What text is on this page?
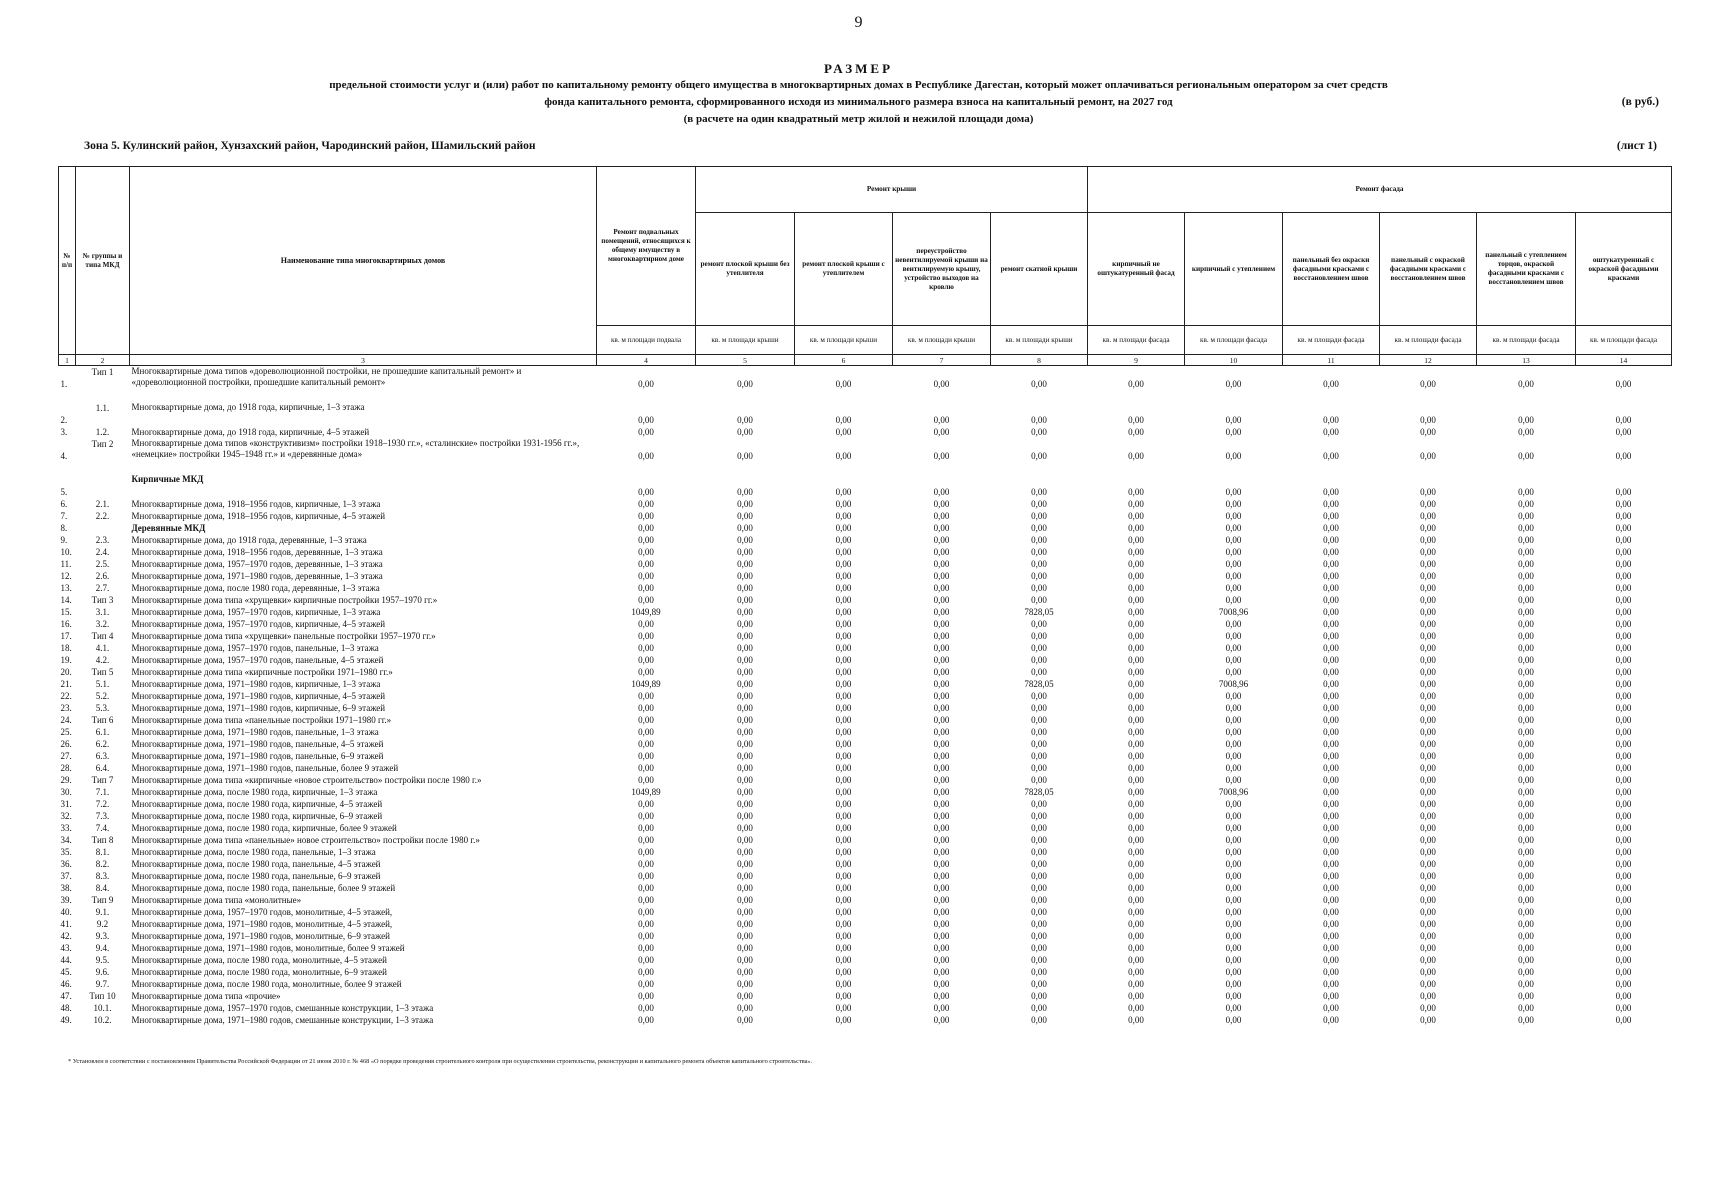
9
РАЗМЕР
предельной стоимости услуг и (или) работ по капитальному ремонту общего имущества в многоквартирных домах в Республике Дагестан, который может оплачиваться региональным оператором за счет средств
фонда капитального ремонта, сформированного исходя из минимального размера взноса на капитальный ремонт, на 2027 год
(в расчете на один квадратный метр жилой и нежилой площади дома)
(в руб.)
Зона 5. Кулинский район, Хунзахский район, Чародинский район, Шамильский район	(лист 1)
№ п/п	№ группы и типа МКД	Наименование типа многоквартирных домов	Ремонт подвальных помещений, относящихся к общему имуществу в многоквартирном доме	Ремонт крыши				Ремонт фасада					
				ремонт плоской крыши без утеплителя	ремонт плоской крыши с утеплителем	переустройство невентилируемой крыши на вентилируемую крышу, устройство выходов на кровлю	ремонт скатной крыши	кирпичный не оштукатуренный фасад	кирпичный с утеплением	панельный без окраски фасадными красками с восстановлением швов	панельный с окраской фасадными красками с восстановлением швов	панельный с утеплением торцов, окраской фасадными красками с восстановлением швов	оштукатуренный с окраской фасадными красками
			кв. м площади подвала	кв. м площади крыши	кв. м площади крыши	кв. м площади крыши	кв. м площади крыши	кв. м площади фасада	кв. м площади фасада	кв. м площади фасада	кв. м площади фасада	кв. м площади фасада	кв. м площади фасада
1	2	3	4	5	6	7	8	9	10	11	12	13	14
1.	Тип 1	Многоквартирные дома типов «дореволюционной постройки, не прошедшие капитальный ремонт» и «дореволюционной постройки, прошедшие капитальный ремонт»	0,00	0,00	0,00	0,00	0,00	0,00	0,00	0,00	0,00	0,00	0,00
2.	1.1.	Многоквартирные дома, до 1918 года, кирпичные, 1–3 этажа	0,00	0,00	0,00	0,00	0,00	0,00	0,00	0,00	0,00	0,00	0,00
3.	1.2.	Многоквартирные дома, до 1918 года, кирпичные, 4–5 этажей	0,00	0,00	0,00	0,00	0,00	0,00	0,00	0,00	0,00	0,00	0,00
4.	Тип 2	Многоквартирные дома типов «конструктивизм» постройки 1918–1930 гг.», «сталинские» постройки 1931-1956 гг.», «немецкие» постройки 1945–1948 гг.» и «деревянные дома»	0,00	0,00	0,00	0,00	0,00	0,00	0,00	0,00	0,00	0,00	0,00
5.		Кирпичные МКД	0,00	0,00	0,00	0,00	0,00	0,00	0,00	0,00	0,00	0,00	0,00
6.	2.1.	Многоквартирные дома, 1918–1956 годов, кирпичные, 1–3 этажа	0,00	0,00	0,00	0,00	0,00	0,00	0,00	0,00	0,00	0,00	0,00
7.	2.2.	Многоквартирные дома, 1918–1956 годов, кирпичные, 4–5 этажей	0,00	0,00	0,00	0,00	0,00	0,00	0,00	0,00	0,00	0,00	0,00
8.		Деревянные МКД	0,00	0,00	0,00	0,00	0,00	0,00	0,00	0,00	0,00	0,00	0,00
9.	2.3.	Многоквартирные дома, до 1918 года, деревянные, 1–3 этажа	0,00	0,00	0,00	0,00	0,00	0,00	0,00	0,00	0,00	0,00	0,00
10.	2.4.	Многоквартирные дома, 1918–1956 годов, деревянные, 1–3 этажа	0,00	0,00	0,00	0,00	0,00	0,00	0,00	0,00	0,00	0,00	0,00
11.	2.5.	Многоквартирные дома, 1957–1970 годов, деревянные, 1–3 этажа	0,00	0,00	0,00	0,00	0,00	0,00	0,00	0,00	0,00	0,00	0,00
12.	2.6.	Многоквартирные дома, 1971–1980 годов, деревянные, 1–3 этажа	0,00	0,00	0,00	0,00	0,00	0,00	0,00	0,00	0,00	0,00	0,00
13.	2.7.	Многоквартирные дома, после 1980 года, деревянные, 1–3 этажа	0,00	0,00	0,00	0,00	0,00	0,00	0,00	0,00	0,00	0,00	0,00
14.	Тип 3	Многоквартирные дома типа «хрущевки» кирпичные постройки 1957–1970 гг.»	0,00	0,00	0,00	0,00	0,00	0,00	0,00	0,00	0,00	0,00	0,00
15.	3.1.	Многоквартирные дома, 1957–1970 годов, кирпичные, 1–3 этажа	1049,89	0,00	0,00	0,00	7828,05	0,00	7008,96	0,00	0,00	0,00	0,00
16.	3.2.	Многоквартирные дома, 1957–1970 годов, кирпичные, 4–5 этажей	0,00	0,00	0,00	0,00	0,00	0,00	0,00	0,00	0,00	0,00	0,00
17.	Тип 4	Многоквартирные дома типа «хрущевки» панельные постройки 1957–1970 гг.»	0,00	0,00	0,00	0,00	0,00	0,00	0,00	0,00	0,00	0,00	0,00
18.	4.1.	Многоквартирные дома, 1957–1970 годов, панельные, 1–3 этажа	0,00	0,00	0,00	0,00	0,00	0,00	0,00	0,00	0,00	0,00	0,00
19.	4.2.	Многоквартирные дома, 1957–1970 годов, панельные, 4–5 этажей	0,00	0,00	0,00	0,00	0,00	0,00	0,00	0,00	0,00	0,00	0,00
20.	Тип 5	Многоквартирные дома типа «кирпичные постройки 1971–1980 гг.»	0,00	0,00	0,00	0,00	0,00	0,00	0,00	0,00	0,00	0,00	0,00
21.	5.1.	Многоквартирные дома, 1971–1980 годов, кирпичные, 1–3 этажа	1049,89	0,00	0,00	0,00	7828,05	0,00	7008,96	0,00	0,00	0,00	0,00
22.	5.2.	Многоквартирные дома, 1971–1980 годов, кирпичные, 4–5 этажей	0,00	0,00	0,00	0,00	0,00	0,00	0,00	0,00	0,00	0,00	0,00
23.	5.3.	Многоквартирные дома, 1971–1980 годов, кирпичные, 6–9 этажей	0,00	0,00	0,00	0,00	0,00	0,00	0,00	0,00	0,00	0,00	0,00
24.	Тип 6	Многоквартирные дома типа «панельные постройки 1971–1980 гг.»	0,00	0,00	0,00	0,00	0,00	0,00	0,00	0,00	0,00	0,00	0,00
25.	6.1.	Многоквартирные дома, 1971–1980 годов, панельные, 1–3 этажа	0,00	0,00	0,00	0,00	0,00	0,00	0,00	0,00	0,00	0,00	0,00
26.	6.2.	Многоквартирные дома, 1971–1980 годов, панельные, 4–5 этажей	0,00	0,00	0,00	0,00	0,00	0,00	0,00	0,00	0,00	0,00	0,00
27.	6.3.	Многоквартирные дома, 1971–1980 годов, панельные, 6–9 этажей	0,00	0,00	0,00	0,00	0,00	0,00	0,00	0,00	0,00	0,00	0,00
28.	6.4.	Многоквартирные дома, 1971–1980 годов, панельные, более 9 этажей	0,00	0,00	0,00	0,00	0,00	0,00	0,00	0,00	0,00	0,00	0,00
29.	Тип 7	Многоквартирные дома типа «кирпичные «новое строительство» постройки после 1980 г.»	0,00	0,00	0,00	0,00	0,00	0,00	0,00	0,00	0,00	0,00	0,00
30.	7.1.	Многоквартирные дома, после 1980 года, кирпичные, 1–3 этажа	1049,89	0,00	0,00	0,00	7828,05	0,00	7008,96	0,00	0,00	0,00	0,00
31.	7.2.	Многоквартирные дома, после 1980 года, кирпичные, 4–5 этажей	0,00	0,00	0,00	0,00	0,00	0,00	0,00	0,00	0,00	0,00	0,00
32.	7.3.	Многоквартирные дома, после 1980 года, кирпичные, 6–9 этажей	0,00	0,00	0,00	0,00	0,00	0,00	0,00	0,00	0,00	0,00	0,00
33.	7.4.	Многоквартирные дома, после 1980 года, кирпичные, более 9 этажей	0,00	0,00	0,00	0,00	0,00	0,00	0,00	0,00	0,00	0,00	0,00
34.	Тип 8	Многоквартирные дома типа «панельные» новое строительство» постройки после 1980 г.»	0,00	0,00	0,00	0,00	0,00	0,00	0,00	0,00	0,00	0,00	0,00
35.	8.1.	Многоквартирные дома, после 1980 года, панельные, 1–3 этажа	0,00	0,00	0,00	0,00	0,00	0,00	0,00	0,00	0,00	0,00	0,00
36.	8.2.	Многоквартирные дома, после 1980 года, панельные, 4–5 этажей	0,00	0,00	0,00	0,00	0,00	0,00	0,00	0,00	0,00	0,00	0,00
37.	8.3.	Многоквартирные дома, после 1980 года, панельные, 6–9 этажей	0,00	0,00	0,00	0,00	0,00	0,00	0,00	0,00	0,00	0,00	0,00
38.	8.4.	Многоквартирные дома, после 1980 года, панельные, более 9 этажей	0,00	0,00	0,00	0,00	0,00	0,00	0,00	0,00	0,00	0,00	0,00
39.	Тип 9	Многоквартирные дома типа «монолитные»	0,00	0,00	0,00	0,00	0,00	0,00	0,00	0,00	0,00	0,00	0,00
40.	9.1.	Многоквартирные дома, 1957–1970 годов, монолитные, 4–5 этажей,	0,00	0,00	0,00	0,00	0,00	0,00	0,00	0,00	0,00	0,00	0,00
41.	9.2	Многоквартирные дома, 1971–1980 годов, монолитные, 4–5 этажей,	0,00	0,00	0,00	0,00	0,00	0,00	0,00	0,00	0,00	0,00	0,00
42.	9.3.	Многоквартирные дома, 1971–1980 годов, монолитные, 6–9 этажей	0,00	0,00	0,00	0,00	0,00	0,00	0,00	0,00	0,00	0,00	0,00
43.	9.4.	Многоквартирные дома, 1971–1980 годов, монолитные, более 9 этажей	0,00	0,00	0,00	0,00	0,00	0,00	0,00	0,00	0,00	0,00	0,00
44.	9.5.	Многоквартирные дома, после 1980 года, монолитные, 4–5 этажей	0,00	0,00	0,00	0,00	0,00	0,00	0,00	0,00	0,00	0,00	0,00
45.	9.6.	Многоквартирные дома, после 1980 года, монолитные, 6–9 этажей	0,00	0,00	0,00	0,00	0,00	0,00	0,00	0,00	0,00	0,00	0,00
46.	9.7.	Многоквартирные дома, после 1980 года, монолитные, более 9 этажей	0,00	0,00	0,00	0,00	0,00	0,00	0,00	0,00	0,00	0,00	0,00
47.	Тип 10	Многоквартирные дома типа «прочие»	0,00	0,00	0,00	0,00	0,00	0,00	0,00	0,00	0,00	0,00	0,00
48.	10.1.	Многоквартирные дома, 1957–1970 годов, смешанные конструкции, 1–3 этажа	0,00	0,00	0,00	0,00	0,00	0,00	0,00	0,00	0,00	0,00	0,00
49.	10.2.	Многоквартирные дома, 1971–1980 годов, смешанные конструкции, 1–3 этажа	0,00	0,00	0,00	0,00	0,00	0,00	0,00	0,00	0,00	0,00	0,00
* Установлен в соответствии с постановлением Правительства Российской Федерации от 21 июня 2010 г. № 468 «О порядке проведения строительного контроля при осуществлении строительства, реконструкции и капитального ремонта объектов капитального строительства».
